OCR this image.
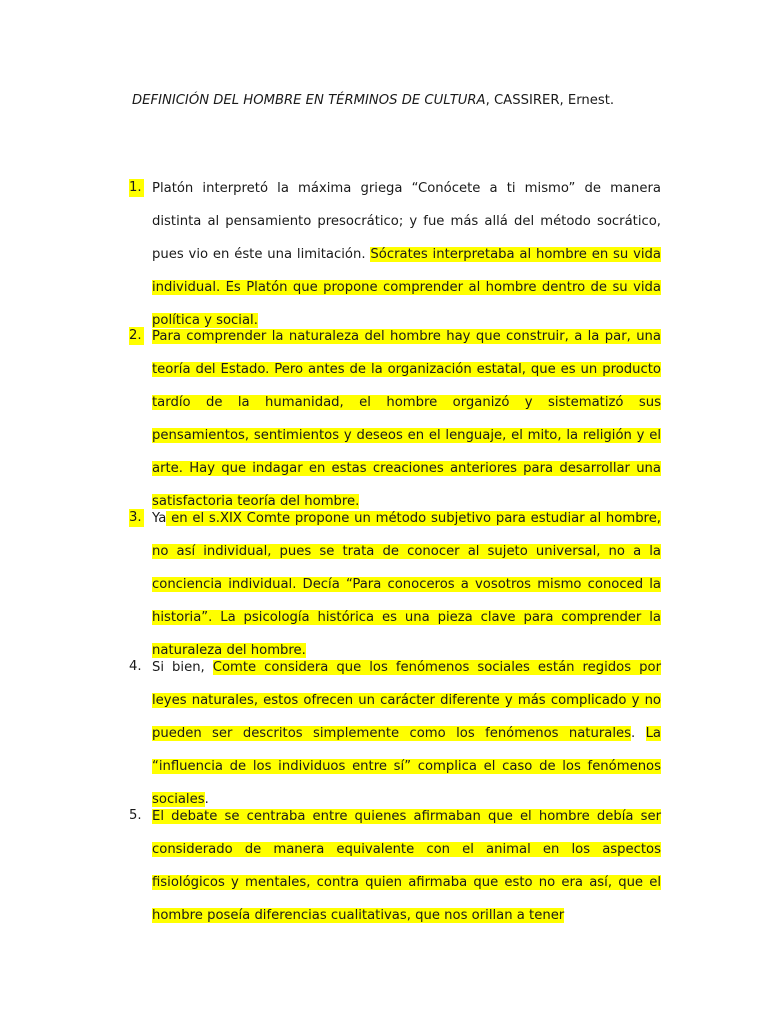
DEFINICIÓN DEL HOMBRE EN TÉRMINOS DE CULTURA, CASSIRER, Ernest.
1. Platón interpretó la máxima griega “Conócete a ti mismo” de manera distinta al pensamiento presocrático; y fue más allá del método socrático, pues vio en éste una limitación. Sócrates interpretaba al hombre en su vida individual. Es Platón que propone comprender al hombre dentro de su vida política y social.

2. Para comprender la naturaleza del hombre hay que construir, a la par, una teoría del Estado. Pero antes de la organización estatal, que es un producto tardío de la humanidad, el hombre organizó y sistematizó sus pensamientos, sentimientos y deseos en el lenguaje, el mito, la religión y el arte. Hay que indagar en estas creaciones anteriores para desarrollar una satisfactoria teoría del hombre.

3. Ya en el s.XIX Comte propone un método subjetivo para estudiar al hombre, no así individual, pues se trata de conocer al sujeto universal, no a la conciencia individual. Decía “Para conoceros a vosotros mismo conoced la historia”. La psicología histórica es una pieza clave para comprender la naturaleza del hombre.

4. Si bien, Comte considera que los fenómenos sociales están regidos por leyes naturales, estos ofrecen un carácter diferente y más complicado y no pueden ser descritos simplemente como los fenómenos naturales. La “influencia de los individuos entre sí” complica el caso de los fenómenos sociales.

5. El debate se centraba entre quienes afirmaban que el hombre debía ser considerado de manera equivalente con el animal en los aspectos fisiológicos y mentales, contra quien afirmaba que esto no era así, que el hombre poseía diferencias cualitativas, que nos orillan a tener
